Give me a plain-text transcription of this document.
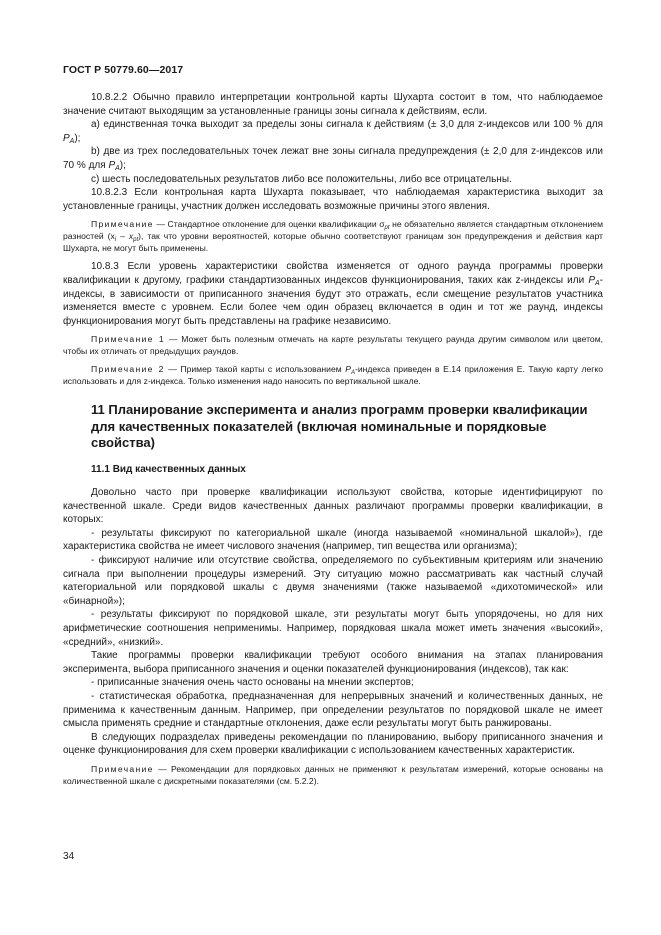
ГОСТ Р 50779.60—2017

10.8.2.2 Обычно правило интерпретации контрольной карты Шухарта состоит в том, что наблюдаемое значение считают выходящим за установленные границы зоны сигнала к действиям, если.

а) единственная точка выходит за пределы зоны сигнала к действиям (± 3,0 для z-индексов или 100 % для $P_A$);

b) две из трех последовательных точек лежат вне зоны сигнала предупреждения (± 2,0 для z-индексов или 70 % для $P_A$);

c) шесть последовательных результатов либо все положительны, либо все отрицательны.

10.8.2.3 Если контрольная карта Шухарта показывает, что наблюдаемая характеристика выходит за установленные границы, участник должен исследовать возможные причины этого явления.

Примечание — Стандартное отклонение для оценки квалификации $\sigma_{pt}$ не обязательно является стандартным отклонением разностей $(x_i - x_{pt})$, так что уровни вероятностей, которые обычно соответствуют границам зон предупреждения и действия карт Шухарта, не могут быть применены.

10.8.3 Если уровень характеристики свойства изменяется от одного раунда программы проверки квалификации к другому, графики стандартизованных индексов функционирования, таких как z-индексы или $P_A$-индексы, в зависимости от приписанного значения будут это отражать, если смещение результатов участника изменяется вместе с уровнем. Если более чем один образец включается в один и тот же раунд, индексы функционирования могут быть представлены на графике независимо.

Примечание 1 — Может быть полезным отмечать на карте результаты текущего раунда другим символом или цветом, чтобы их отличать от предыдущих раундов.

Примечание 2 — Пример такой карты с использованием $P_A$-индекса приведен в Е.14 приложения Е. Такую карту легко использовать и для z-индекса. Только изменения надо наносить по вертикальной шкале.

11 Планирование эксперимента и анализ программ проверки квалификации для качественных показателей (включая номинальные и порядковые свойства)

11.1 Вид качественных данных

Довольно часто при проверке квалификации используют свойства, которые идентифицируют по качественной шкале. Среди видов качественных данных различают программы проверки квалификации, в которых:

- результаты фиксируют по категориальной шкале (иногда называемой «номинальной шкалой»), где характеристика свойства не имеет числового значения (например, тип вещества или организма);

- фиксируют наличие или отсутствие свойства, определяемого по субъективным критериям или значению сигнала при выполнении процедуры измерений. Эту ситуацию можно рассматривать как частный случай категориальной или порядковой шкалы с двумя значениями (также называемой «дихотомической» или «бинарной»);

- результаты фиксируют по порядковой шкале, эти результаты могут быть упорядочены, но для них арифметические соотношения неприменимы. Например, порядковая шкала может иметь значения «высокий», «средний», «низкий».

Такие программы проверки квалификации требуют особого внимания на этапах планирования эксперимента, выбора приписанного значения и оценки показателей функционирования (индексов), так как:

- приписанные значения очень часто основаны на мнении экспертов;

- статистическая обработка, предназначенная для непрерывных значений и количественных данных, не применима к качественным данным. Например, при определении результатов по порядковой шкале не имеет смысла применять средние и стандартные отклонения, даже если результаты могут быть ранжированы.

В следующих подразделах приведены рекомендации по планированию, выбору приписанного значения и оценке функционирования для схем проверки квалификации с использованием качественных характеристик.

Примечание — Рекомендации для порядковых данных не применяют к результатам измерений, которые основаны на количественной шкале с дискретными показателями (см. 5.2.2).

34
